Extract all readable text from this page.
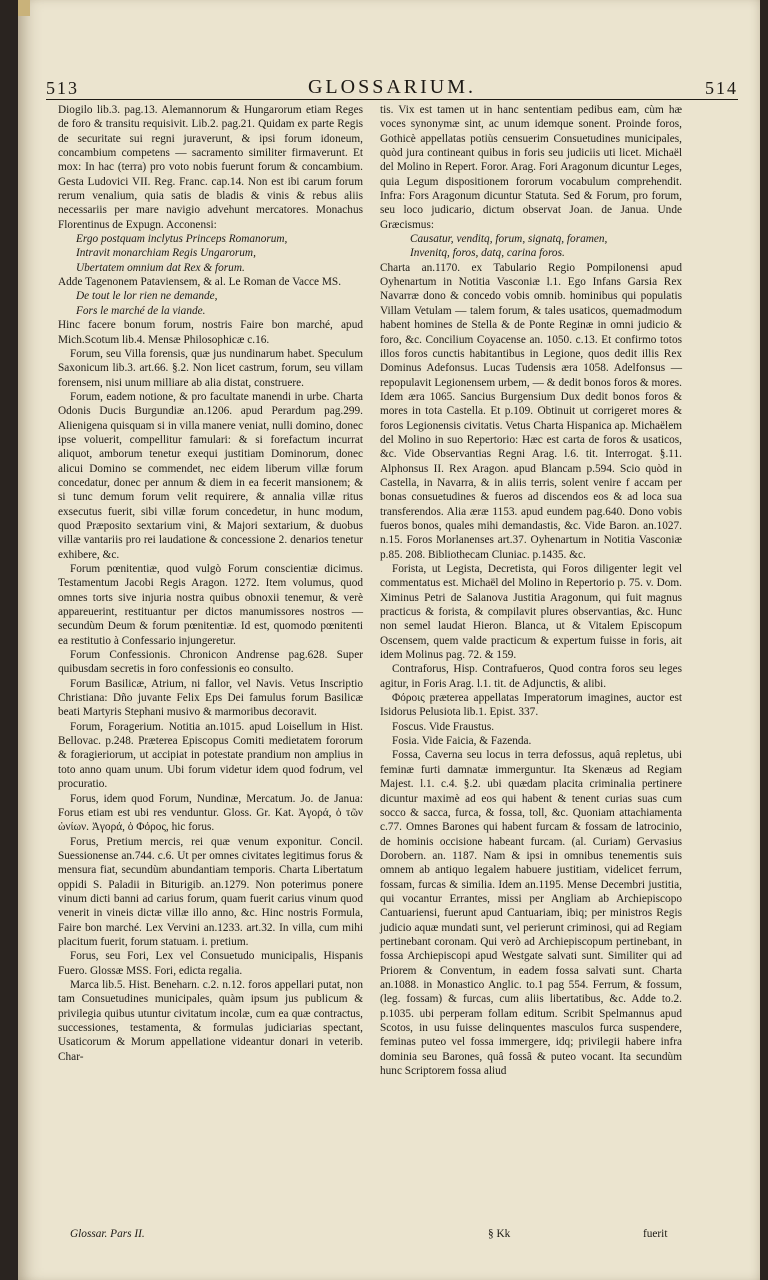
513	GLOSSARIUM.	514

Diogilo lib.3. pag.13. Alemannorum & Hungarorum etiam Reges de foro & transitu requisivit. Lib.2. pag.21. Quidam ex parte Regis de securitate sui regni juraverunt, & ipsi forum idoneum, concambium competens — sacramento similiter firmaverunt. Et mox: In hac (terra) pro voto nobis fuerunt forum & concambium. Gesta Ludovici VII. Reg. Franc. cap.14. Non est ibi carum forum rerum venalium, quia satis de bladis & vinis & rebus aliis necessariis per mare navigio advehunt mercatores. Monachus Florentinus de Expugn. Acconensi:

Ergo postquam inclytus Princeps Romanorum,

Intravit monarchiam Regis Ungarorum,

Ubertatem omnium dat Rex & forum.

Adde Tagenonem Pataviensem, & al. Le Roman de Vacce MS.

De tout le lor rien ne demande,

Fors le marché de la viande.

Hinc facere bonum forum, nostris Faire bon marché, apud Mich.Scotum lib.4. Mensæ Philosophicæ c.16.

Forum, seu Villa forensis, quæ jus nundinarum habet. Speculum Saxonicum lib.3. art.66. §.2. Non licet castrum, forum, seu villam forensem, nisi unum milliare ab alia distat, construere.

Forum, eadem notione, & pro facultate manendi in urbe. Charta Odonis Ducis Burgundiæ an.1206. apud Perardum pag.299. Alienigena quisquam si in villa manere veniat, nulli domino, donec ipse voluerit, compellitur famulari: & si forefactum incurrat aliquot, amborum tenetur exequi justitiam Dominorum, donec alicui Domino se commendet, nec eidem liberum villæ forum concedatur, donec per annum & diem in ea fecerit mansionem; & si tunc demum forum velit requirere, & annalia villæ ritus exsecutus fuerit, sibi villæ forum concedetur, in hunc modum, quod Præposito sextarium vini, & Majori sextarium, & duobus villæ vantariis pro rei laudatione & concessione 2. denarios tenetur exhibere, &c.

Forum pœnitentiæ, quod vulgò Forum conscientiæ dicimus. Testamentum Jacobi Regis Aragon. 1272. Item volumus, quod omnes torts sive injuria nostra quibus obnoxii tenemur, & verè appareuerint, restituantur per dictos manumissores nostros — secundùm Deum & forum pœnitentiæ. Id est, quomodo pœnitenti ea restitutio à Confessario injungeretur.

Forum Confessionis. Chronicon Andrense pag.628. Super quibusdam secretis in foro confessionis eo consulto.

Forum Basilicæ, Atrium, ni fallor, vel Navis. Vetus Inscriptio Christiana: Dño juvante Felix Eps Dei famulus forum Basilicæ beati Martyris Stephani musivo & marmoribus decoravit.

Forum, Foragerium. Notitia an.1015. apud Loisellum in Hist. Bellovac. p.248. Præterea Episcopus Comiti medietatem fororum & foragieriorum, ut accipiat in potestate prandium non amplius in toto anno quam unum. Ubi forum videtur idem quod fodrum, vel procuratio.

Forus, idem quod Forum, Nundinæ, Mercatum. Jo. de Janua: Forus etiam est ubi res venduntur. Gloss. Gr. Kat. Ἀγορά, ὁ τῶν ὠνίων. Ἀγορά, ὁ Φόρος, hic forus.

Forus, Pretium mercis, rei quæ venum exponitur. Concil. Suessionense an.744. c.6. Ut per omnes civitates legitimus forus & mensura fiat, secundùm abundantiam temporis. Charta Libertatum oppidi S. Paladii in Biturigib. an.1279. Non poterimus ponere vinum dicti banni ad carius forum, quam fuerit carius vinum quod venerit in vineis dictæ villæ illo anno, &c. Hinc nostris Formula, Faire bon marché. Lex Vervini an.1233. art.32. In villa, cum mihi placitum fuerit, forum statuam. i. pretium.

Forus, seu Fori, Lex vel Consuetudo municipalis, Hispanis Fuero. Glossæ MSS. Fori, edicta regalia.

Marca lib.5. Hist. Beneharn. c.2. n.12. foros appellari putat, non tam Consuetudines municipales, quàm ipsum jus publicum & privilegia quibus utuntur civitatum incolæ, cum ea quæ contractus, successiones, testamenta, & formulas judiciarias spectant, Usaticorum & Morum appellatione videantur donari in veterib. Char-

tis. Vix est tamen ut in hanc sententiam pedibus eam, cùm hæ voces synonymæ sint, ac unum idemque sonent. Proinde foros, Gothicè appellatas potiùs censuerim Consuetudines municipales, quòd jura contineant quibus in foris seu judiciis uti licet. Michaël del Molino in Repert. Foror. Arag. Fori Aragonum dicuntur Leges, quia Legum dispositionem fororum vocabulum comprehendit. Infra: Fors Aragonum dicuntur Statuta. Sed & Forum, pro forum, seu loco judicario, dictum observat Joan. de Janua. Unde Græcismus:

Causatur, venditq, forum, signatq, foramen,

Invenitq, foros, datq, carina foros.

Charta an.1170. ex Tabulario Regio Pompilonensi apud Oyhenartum in Notitia Vasconiæ l.1. Ego Infans Garsia Rex Navarræ dono & concedo vobis omnib. hominibus qui populatis Villam Vetulam — talem forum, & tales usaticos, quemadmodum habent homines de Stella & de Ponte Reginæ in omni judicio & foro, &c. Concilium Coyacense an. 1050. c.13. Et confirmo totos illos foros cunctis habitantibus in Legione, quos dedit illis Rex Dominus Adefonsus. Lucas Tudensis æra 1058. Adelfonsus — repopulavit Legionensem urbem, — & dedit bonos foros & mores. Idem æra 1065. Sancius Burgensium Dux dedit bonos foros & mores in tota Castella. Et p.109. Obtinuit ut corrigeret mores & foros Legionensis civitatis. Vetus Charta Hispanica ap. Michaëlem del Molino in suo Repertorio: Hæc est carta de foros & usaticos, &c. Vide Observantias Regni Arag. l.6. tit. Interrogat. §.11. Alphonsus II. Rex Aragon. apud Blancam p.594. Scio quòd in Castella, in Navarra, & in aliis terris, solent venire f accam per bonas consuetudines & fueros ad discendos eos & ad loca sua transferendos. Alia æræ 1153. apud eundem pag.640. Dono vobis fueros bonos, quales mihi demandastis, &c. Vide Baron. an.1027. n.15. Foros Morlanenses art.37. Oyhenartum in Notitia Vasconiæ p.85. 208. Bibliothecam Cluniac. p.1435. &c.

Forista, ut Legista, Decretista, qui Foros diligenter legit vel commentatus est. Michaël del Molino in Repertorio p. 75. v. Dom. Ximinus Petri de Salanova Justitia Aragonum, qui fuit magnus practicus & forista, & compilavit plures observantias, &c. Hunc non semel laudat Hieron. Blanca, ut & Vitalem Episcopum Oscensem, quem valde practicum & expertum fuisse in foris, ait idem Molinus pag. 72. & 159.

Contraforus, Hisp. Contrafueros, Quod contra foros seu leges agitur, in Foris Arag. l.1. tit. de Adjunctis, & alibi.

Φόροις præterea appellatas Imperatorum imagines, auctor est Isidorus Pelusiota lib.1. Epist. 337.

Foscus. Vide Fraustus.

Fosia. Vide Faicia, & Fazenda.

Fossa, Caverna seu locus in terra defossus, aquâ repletus, ubi feminæ furti damnatæ immerguntur. Ita Skenæus ad Regiam Majest. l.1. c.4. §.2. ubi quædam placita criminalia pertinere dicuntur maximè ad eos qui habent & tenent curias suas cum socco & sacca, furca, & fossa, toll, &c. Quoniam attachiamenta c.77. Omnes Barones qui habent furcam & fossam de latrocinio, de hominis occisione habeant furcam. (al. Curiam) Gervasius Dorobern. an. 1187. Nam & ipsi in omnibus tenementis suis omnem ab antiquo legalem habuere justitiam, videlicet ferrum, fossam, furcas & similia. Idem an.1195. Mense Decembri justitia, qui vocantur Errantes, missi per Angliam ab Archiepiscopo Cantuariensi, fuerunt apud Cantuariam, ibiq; per ministros Regis judicio aquæ mundati sunt, vel perierunt criminosi, qui ad Regiam pertinebant coronam. Qui verò ad Archiepiscopum pertinebant, in fossa Archiepiscopi apud Westgate salvati sunt. Similiter qui ad Priorem & Conventum, in eadem fossa salvati sunt. Charta an.1088. in Monastico Anglic. to.1 pag 554. Ferrum, & fossum, (leg. fossam) & furcas, cum aliis libertatibus, &c. Adde to.2. p.1035. ubi perperam follam editum. Scribit Spelmannus apud Scotos, in usu fuisse delinquentes masculos furca suspendere, feminas puteo vel fossa immergere, idq; privilegii habere infra dominia seu Barones, quâ fossâ & puteo vocant. Ita secundùm hunc Scriptorem fossa aliud

Glossar. Pars II.	§ Kk	fuerit
